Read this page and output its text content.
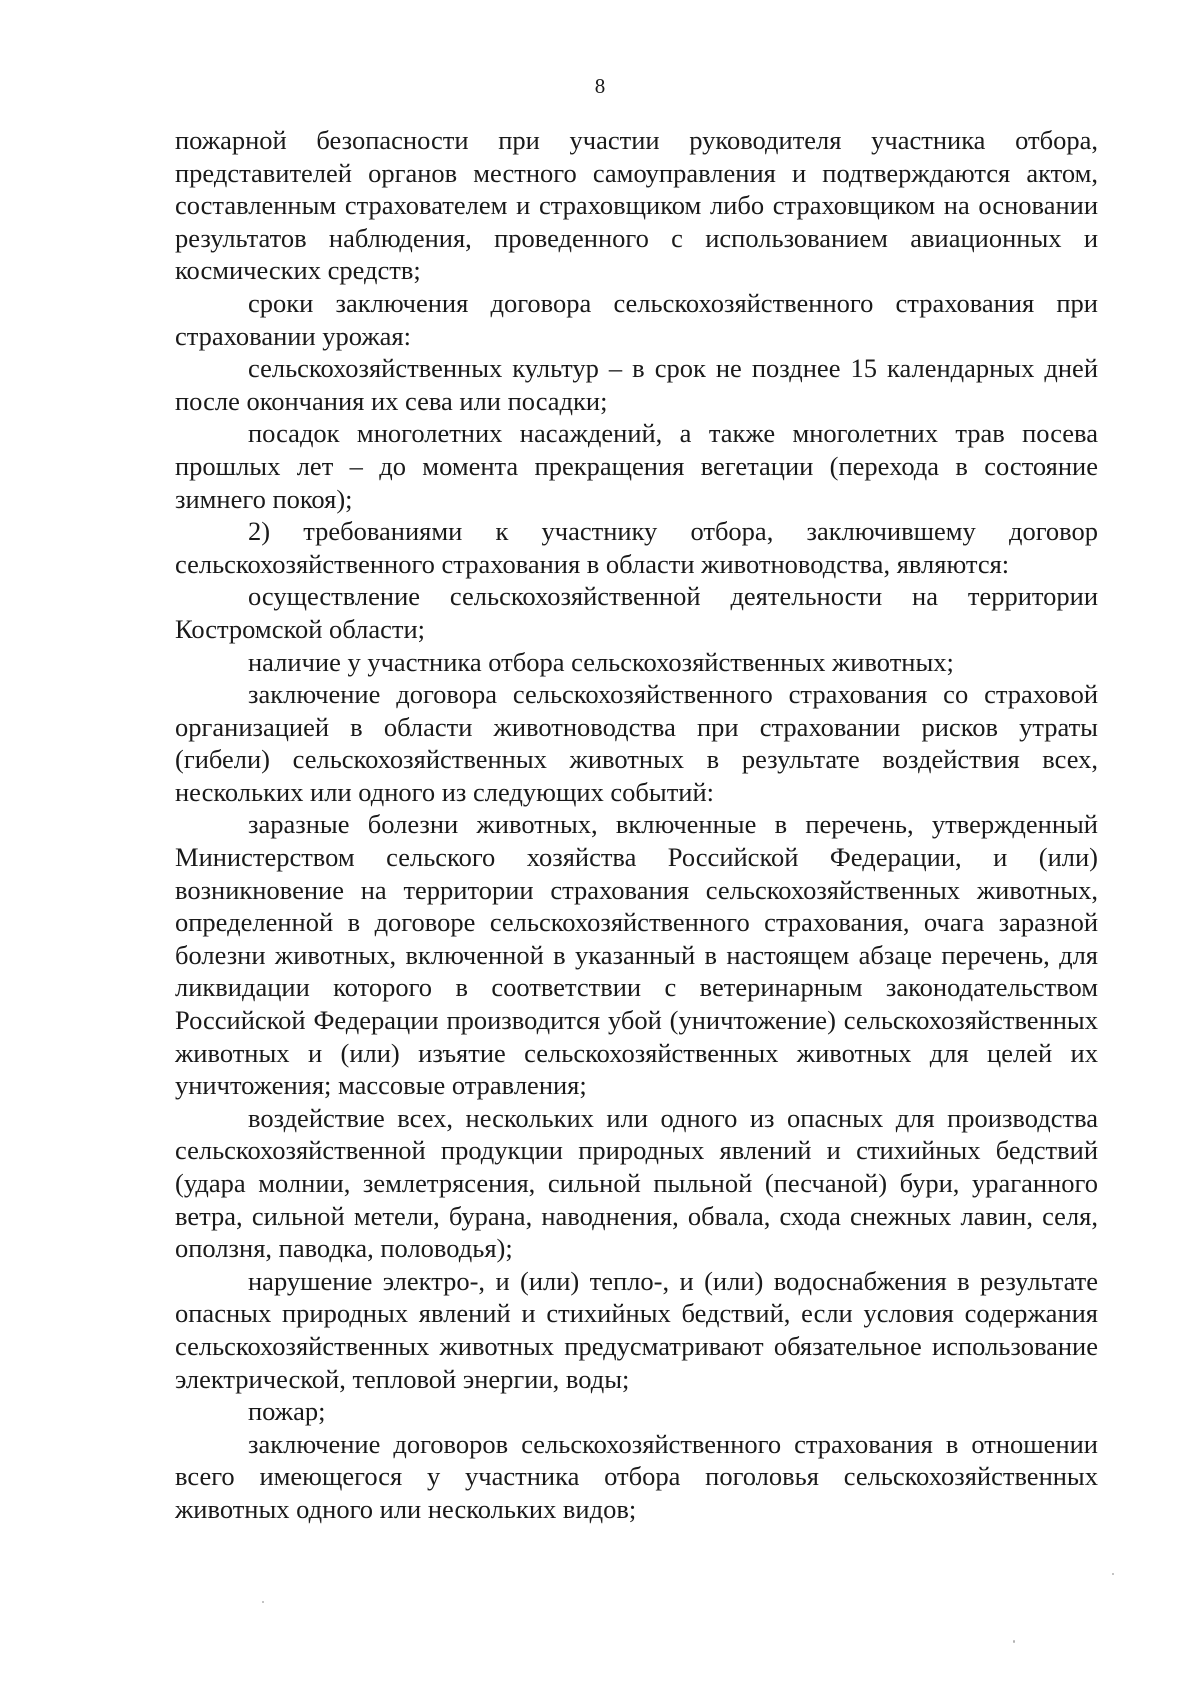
8

пожарной безопасности при участии руководителя участника отбора, представителей органов местного самоуправления и подтверждаются актом, составленным страхователем и страховщиком либо страховщиком на основании результатов наблюдения, проведенного с использованием авиационных и космических средств;

сроки заключения договора сельскохозяйственного страхования при страховании урожая:

сельскохозяйственных культур – в срок не позднее 15 календарных дней после окончания их сева или посадки;

посадок многолетних насаждений, а также многолетних трав посева прошлых лет – до момента прекращения вегетации (перехода в состояние зимнего покоя);

2) требованиями к участнику отбора, заключившему договор сельскохозяйственного страхования в области животноводства, являются:

осуществление сельскохозяйственной деятельности на территории Костромской области;

наличие у участника отбора сельскохозяйственных животных;

заключение договора сельскохозяйственного страхования со страховой организацией в области животноводства при страховании рисков утраты (гибели) сельскохозяйственных животных в результате воздействия всех, нескольких или одного из следующих событий:

заразные болезни животных, включенные в перечень, утвержденный Министерством сельского хозяйства Российской Федерации, и (или) возникновение на территории страхования сельскохозяйственных животных, определенной в договоре сельскохозяйственного страхования, очага заразной болезни животных, включенной в указанный в настоящем абзаце перечень, для ликвидации которого в соответствии с ветеринарным законодательством Российской Федерации производится убой (уничтожение) сельскохозяйственных животных и (или) изъятие сельскохозяйственных животных для целей их уничтожения; массовые отравления;

воздействие всех, нескольких или одного из опасных для производства сельскохозяйственной продукции природных явлений и стихийных бедствий (удара молнии, землетрясения, сильной пыльной (песчаной) бури, ураганного ветра, сильной метели, бурана, наводнения, обвала, схода снежных лавин, селя, оползня, паводка, половодья);

нарушение электро-, и (или) тепло-, и (или) водоснабжения в результате опасных природных явлений и стихийных бедствий, если условия содержания сельскохозяйственных животных предусматривают обязательное использование электрической, тепловой энергии, воды;

пожар;

заключение договоров сельскохозяйственного страхования в отношении всего имеющегося у участника отбора поголовья сельскохозяйственных животных одного или нескольких видов;
